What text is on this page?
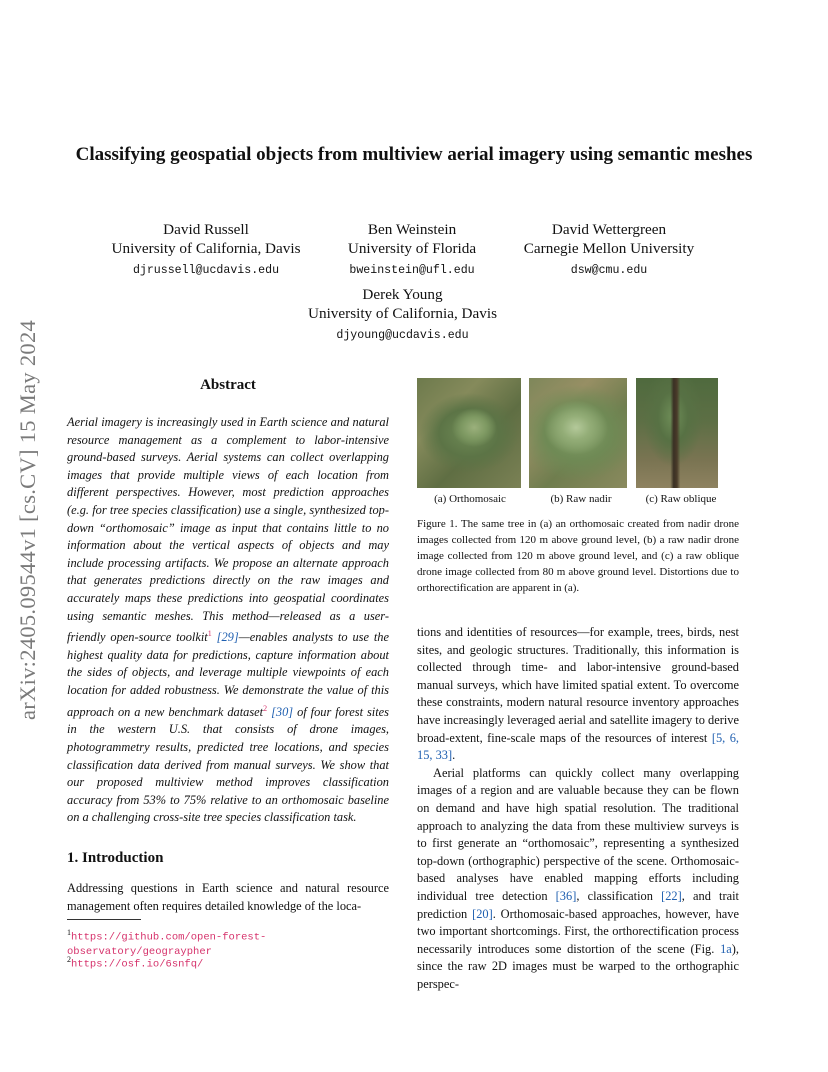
arXiv:2405.09544v1 [cs.CV] 15 May 2024
Classifying geospatial objects from multiview aerial imagery using semantic meshes
David Russell
University of California, Davis
djrussell@ucdavis.edu
Ben Weinstein
University of Florida
bweinstein@ufl.edu
David Wettergreen
Carnegie Mellon University
dsw@cmu.edu
Derek Young
University of California, Davis
djyoung@ucdavis.edu
Abstract
Aerial imagery is increasingly used in Earth science and natural resource management as a complement to labor-intensive ground-based surveys. Aerial systems can collect overlapping images that provide multiple views of each location from different perspectives. However, most prediction approaches (e.g. for tree species classification) use a single, synthesized top-down “orthomosaic” image as input that contains little to no information about the vertical aspects of objects and may include processing artifacts. We propose an alternate approach that generates predictions directly on the raw images and accurately maps these predictions into geospatial coordinates using semantic meshes. This method—released as a user-friendly open-source toolkit$^1$ [29]—enables analysts to use the highest quality data for predictions, capture information about the sides of objects, and leverage multiple viewpoints of each location for added robustness. We demonstrate the value of this approach on a new benchmark dataset$^2$ [30] of four forest sites in the western U.S. that consists of drone images, photogrammetry results, predicted tree locations, and species classification data derived from manual surveys. We show that our proposed multiview method improves classification accuracy from 53% to 75% relative to an orthomosaic baseline on a challenging cross-site tree species classification task.
1. Introduction
Addressing questions in Earth science and natural resource management often requires detailed knowledge of the loca-
$^1$https://github.com/open-forest-observatory/geograypher
$^2$https://osf.io/6snfq/
(a) Orthomosaic	(b) Raw nadir	(c) Raw oblique
Figure 1. The same tree in (a) an orthomosaic created from nadir drone images collected from 120 m above ground level, (b) a raw nadir drone image collected from 120 m above ground level, and (c) a raw oblique drone image collected from 80 m above ground level. Distortions due to orthorectification are apparent in (a).

tions and identities of resources—for example, trees, birds, nest sites, and geologic structures. Traditionally, this information is collected through time- and labor-intensive ground-based manual surveys, which have limited spatial extent. To overcome these constraints, modern natural resource inventory approaches have increasingly leveraged aerial and satellite imagery to derive broad-extent, fine-scale maps of the resources of interest [5, 6, 15, 33].

Aerial platforms can quickly collect many overlapping images of a region and are valuable because they can be flown on demand and have high spatial resolution. The traditional approach to analyzing the data from these multiview surveys is to first generate an “orthomosaic”, representing a synthesized top-down (orthographic) perspective of the scene. Orthomosaic-based analyses have enabled mapping efforts including individual tree detection [36], classification [22], and trait prediction [20]. Orthomosaic-based approaches, however, have two important shortcomings. First, the orthorectification process necessarily introduces some distortion of the scene (Fig. 1a), since the raw 2D images must be warped to the orthographic perspec-
